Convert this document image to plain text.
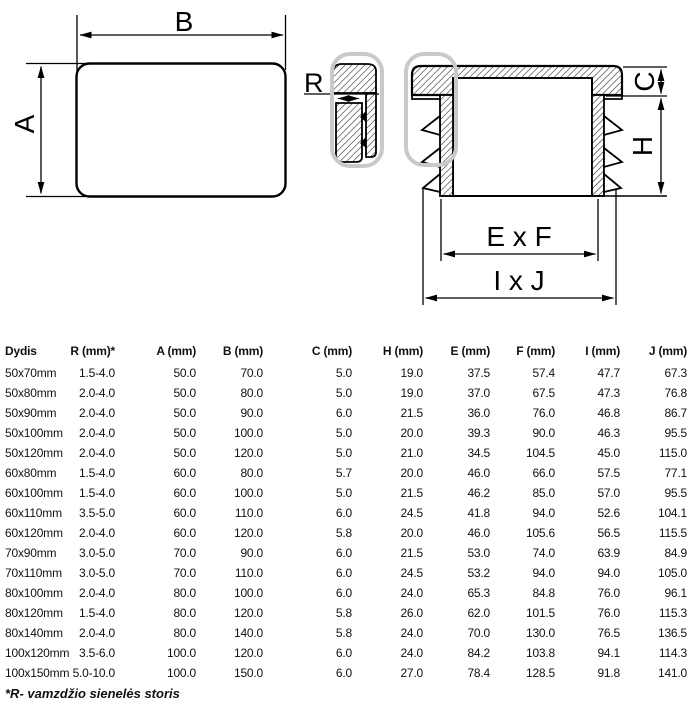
B
A
R	C
H
E x F
I x J
Dydis	R (mm)*	A (mm)	B (mm)	C (mm)	H (mm)	E (mm)	F (mm)	I (mm)	J (mm)
50x70mm	1.5-4.0	50.0	70.0	5.0	19.0	37.5	57.4	47.7	67.3
50x80mm	2.0-4.0	50.0	80.0	5.0	19.0	37.0	67.5	47.3	76.8
50x90mm	2.0-4.0	50.0	90.0	6.0	21.5	36.0	76.0	46.8	86.7
50x100mm	2.0-4.0	50.0	100.0	5.0	20.0	39.3	90.0	46.3	95.5
50x120mm	2.0-4.0	50.0	120.0	5.0	21.0	34.5	104.5	45.0	115.0
60x80mm	1.5-4.0	60.0	80.0	5.7	20.0	46.0	66.0	57.5	77.1
60x100mm	1.5-4.0	60.0	100.0	5.0	21.5	46.2	85.0	57.0	95.5
60x110mm	3.5-5.0	60.0	110.0	6.0	24.5	41.8	94.0	52.6	104.1
60x120mm	2.0-4.0	60.0	120.0	5.8	20.0	46.0	105.6	56.5	115.5
70x90mm	3.0-5.0	70.0	90.0	6.0	21.5	53.0	74.0	63.9	84.9
70x110mm	3.0-5.0	70.0	110.0	6.0	24.5	53.2	94.0	94.0	105.0
80x100mm	2.0-4.0	80.0	100.0	6.0	24.0	65.3	84.8	76.0	96.1
80x120mm	1.5-4.0	80.0	120.0	5.8	26.0	62.0	101.5	76.0	115.3
80x140mm	2.0-4.0	80.0	140.0	5.8	24.0	70.0	130.0	76.5	136.5
100x120mm 3.5-6.0	100.0	120.0	6.0	24.0	84.2	103.8	94.1	114.3
100x150mm 5.0-10.0	100.0	150.0	6.0	27.0	78.4	128.5	91.8	141.0
*R- vamzdžio sienelės storis
